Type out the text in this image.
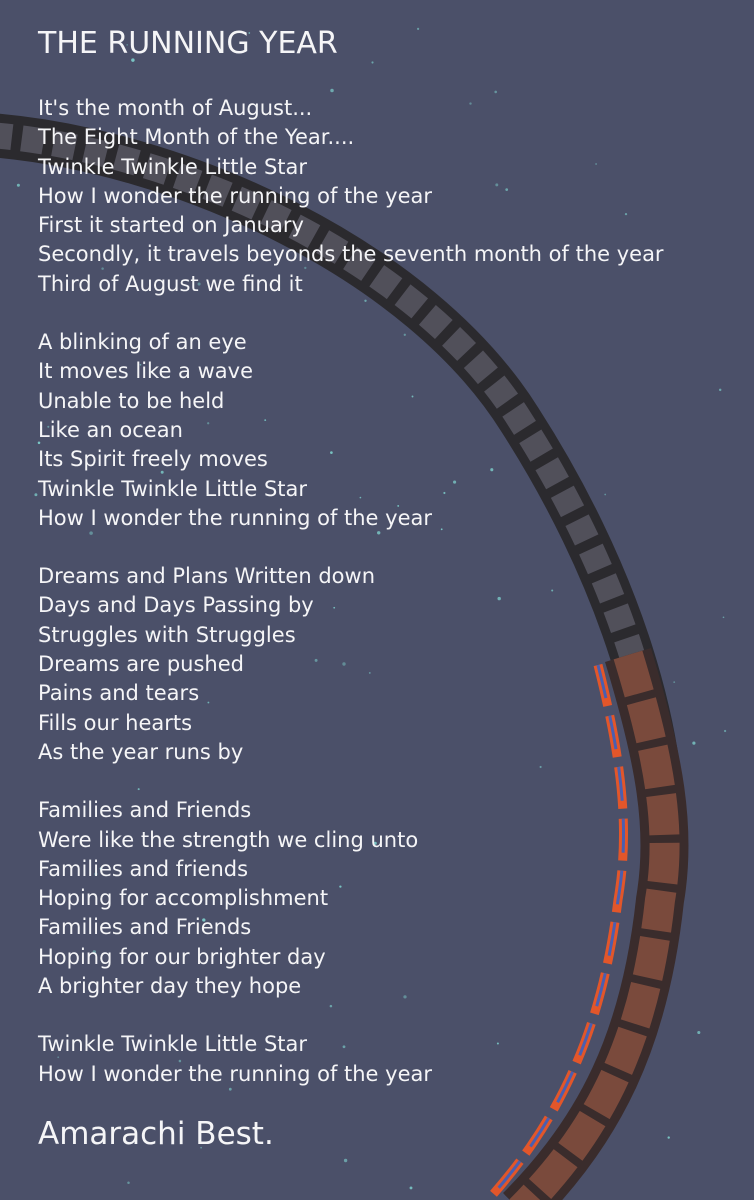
THE RUNNING YEAR
It's the month of August...
The Eight Month of the Year....
Twinkle Twinkle Little Star
How I wonder the running of the year
First it started on January
Secondly, it travels beyonds the seventh month of the year
Third of August we find it
A blinking of an eye
It moves like a wave
Unable to be held
Like an ocean
Its Spirit freely moves
Twinkle Twinkle Little Star
How I wonder the running of the year
Dreams and Plans Written down
Days and Days Passing by
Struggles with Struggles
Dreams are pushed
Pains and tears
Fills our hearts
As the year runs by
Families and Friends
Were like the strength we cling unto
Families and friends
Hoping for accomplishment
Families and Friends
Hoping for our brighter day
A brighter day they hope
Twinkle Twinkle Little Star
How I wonder the running of the year
Amarachi Best.
